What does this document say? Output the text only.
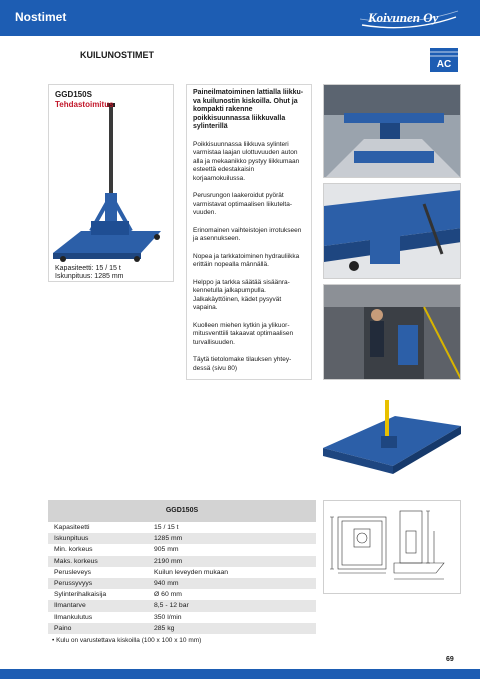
Nostimet	Koivunen Oy
KUILUNOSTIMET
AC
GGD150S
Tehdastoimitus
Kapasiteetti: 15 / 15 t
Iskunpituus: 1285 mm
Paineilmatoiminen lattialla liikkuva kuilunostin kiskoilla. Ohut ja kompakti rakenne poikkisuunnassa liikkuvalla sylinterillä

Poikkisuunnassa liikkuva sylinteri varmistaa laajan ulottuvuuden auton alla ja mekaanikko pystyy liikkumaan esteettä edestakaisin korjaamokuilussa.

Perusrungon laakeroidut pyörät varmistavat optimaalisen liikuteltavuuden.

Erinomainen vaihteistojen irrotukseen ja asennukseen.

Nopea ja tarkkatoiminen hydrauliikka erittäin nopealla männällä.

Helppo ja tarkka säätää sisäänrakennetulla jalkapumpulla. Jalkakäyttöinen, kädet pysyvät vapaina.

Kuolleen miehen kytkin ja ylikuormitusventtiili takaavat optimaalisen turvallisuuden.

Täytä tietolomake tilauksen yhteydessä (sivu 80)

GGD150S
Kapasiteetti	15 / 15 t
Iskunpituus	1285 mm
Min. korkeus	905 mm
Maks. korkeus	2190 mm
Perusleveys	Kuilun leveyden mukaan
Perussyvyys	940 mm
Sylinterihalkaisija	Ø 60 mm
Ilmantarve	8,5 - 12 bar
Ilmankulutus	350 l/min
Paino	285 kg
• Kulu on varustettava kiskoilla (100 x 100 x 10 mm)
69
